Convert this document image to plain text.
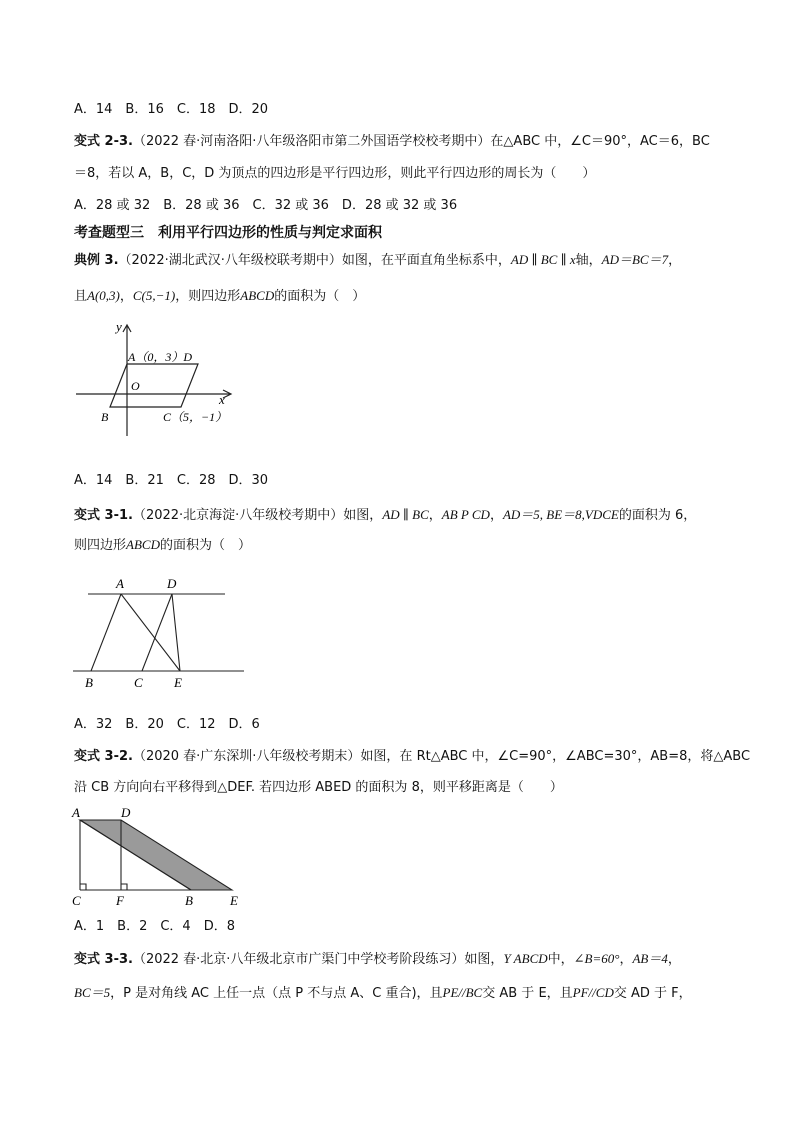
A．14　B．16　C．18　D．20
变式 2-3.（2022 春·河南洛阳·八年级洛阳市第二外国语学校校考期中）在△ABC 中，∠C＝90°，AC＝6，BC
＝8，若以 A，B，C，D 为顶点的四边形是平行四边形，则此平行四边形的周长为（　　）
A．28 或 32　B．28 或 36　C．32 或 36　D．28 或 32 或 36
考查题型三　利用平行四边形的性质与判定求面积
典例 3.（2022·湖北武汉·八年级校联考期中）如图，在平面直角坐标系中，AD ∥ BC ∥ x轴，AD＝BC＝7，
且A(0,3)，C(5,−1)，则四边形ABCD的面积为（　）
y
x
A（0，3）D
O
B	C（5，−1）
A．14　B．21　C．28　D．30
变式 3-1.（2022·北京海淀·八年级校考期中）如图，AD ∥ BC，AB P CD，AD＝5, BE＝8,VDCE的面积为 6，
则四边形ABCD的面积为（　）
A	D
B	C E
A．32　B．20　C．12　D．6
变式 3-2.（2020 春·广东深圳·八年级校考期末）如图，在 Rt△ABC 中，∠C=90°，∠ABC=30°，AB=8，将△ABC
沿 CB 方向向右平移得到△DEF. 若四边形 ABED 的面积为 8，则平移距离是（　　）
A	D
C	F	B	E
A．1　B．2　C．4　D．8
变式 3-3.（2022 春·北京·八年级北京市广渠门中学校考阶段练习）如图，Y ABCD中，∠B=60°，AB＝4，
BC＝5，P 是对角线 AC 上任一点（点 P 不与点 A、C 重合)，且PE//BC交 AB 于 E，且PF//CD交 AD 于 F，
